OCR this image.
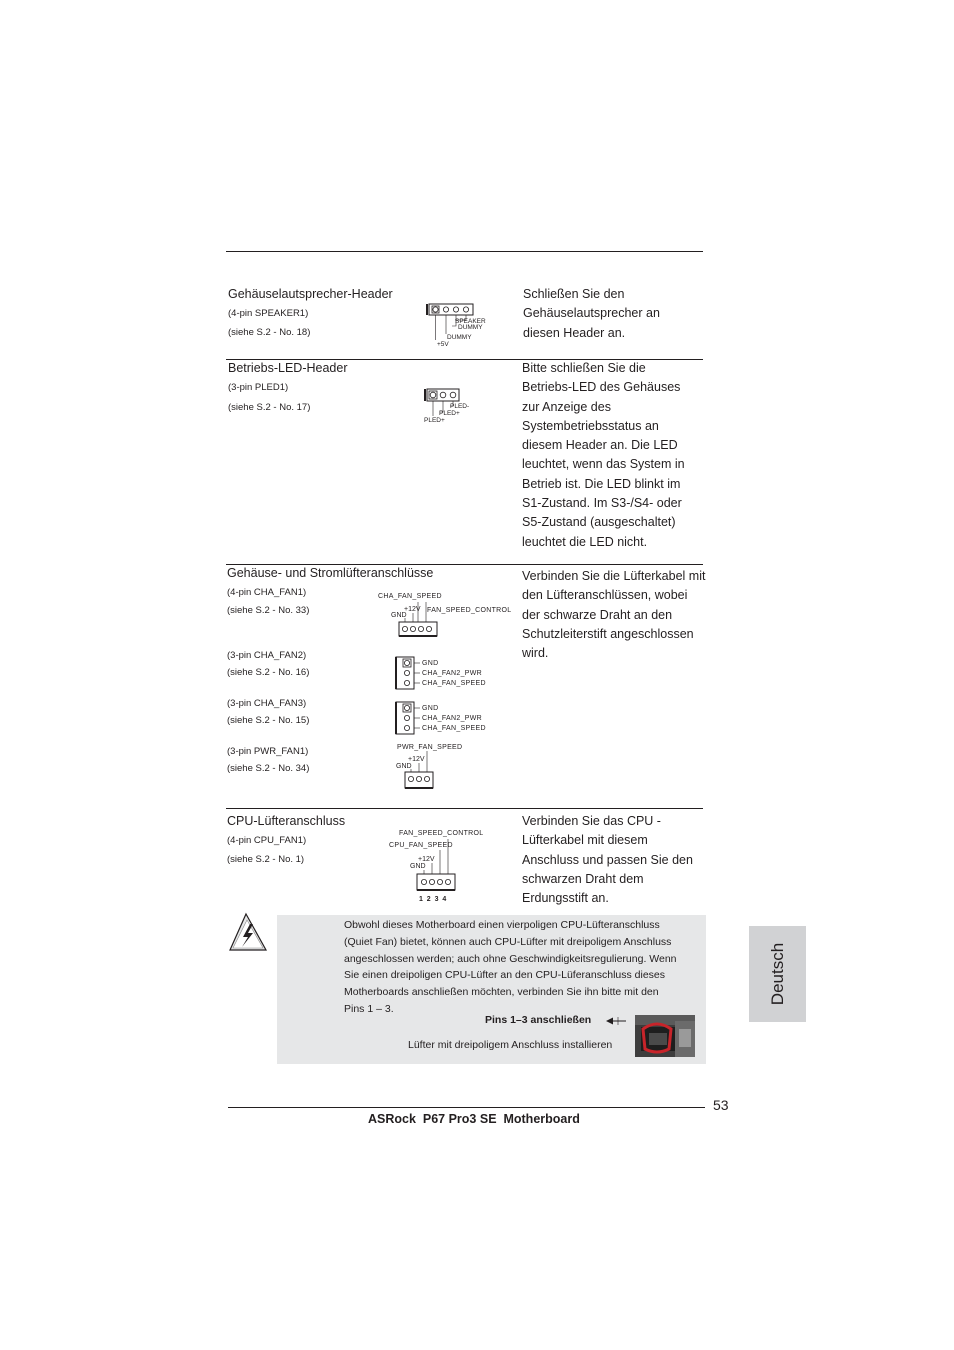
Gehäuselautsprecher-Header
(4-pin SPEAKER1)
(siehe S.2 - No. 18)
SPEAKER
DUMMY
DUMMY
+5V
Schließen Sie den
Gehäuselautsprecher an
diesen Header an.
Betriebs-LED-Header
(3-pin PLED1)
(siehe S.2 - No. 17)	PLED-
PLED+
PLED+
Bitte schließen Sie die
Betriebs-LED des Gehäuses
zur Anzeige des
Systembetriebsstatus an
diesem Header an. Die LED
leuchtet, wenn das System in
Betrieb ist. Die LED blinkt im
S1-Zustand. Im S3-/S4- oder
S5-Zustand (ausgeschaltet)
leuchtet die LED nicht.
Gehäuse- und Stromlüfteranschlüsse
(4-pin CHA_FAN1)
(siehe S.2 - No. 33)
CHA_FAN_SPEED
+12V
GND
FAN_SPEED_CONTROL
(3-pin CHA_FAN2)
(siehe S.2 - No. 16)
GND
CHA_FAN2_PWR
CHA_FAN_SPEED
(3-pin CHA_FAN3)
(siehe S.2 - No. 15)
GND
CHA_FAN2_PWR
CHA_FAN_SPEED
(3-pin PWR_FAN1)
(siehe S.2 - No. 34)
PWR_FAN_SPEED
+12V
GND
Verbinden Sie die Lüfterkabel mit
den Lüfteranschlüssen, wobei
der schwarze Draht an den
Schutzleiterstift angeschlossen
wird.
CPU-Lüfteranschluss
(4-pin CPU_FAN1)
(siehe S.2 - No. 1)
FAN_SPEED_CONTROL
CPU_FAN_SPEED
+12V
GND
1  2  3  4
Verbinden Sie das CPU -
Lüfterkabel mit diesem
Anschluss und passen Sie den
schwarzen Draht dem
Erdungsstift an.
Obwohl dieses Motherboard einen vierpoligen CPU-Lüfteranschluss
(Quiet Fan) bietet, können auch CPU-Lüfter mit dreipoligem Anschluss
angeschlossen werden; auch ohne Geschwindigkeitsregulierung. Wenn
Sie einen dreipoligen CPU-Lüfter an den CPU-Lüferanschluss dieses
Motherboards anschließen möchten, verbinden Sie ihn bitte mit den
Pins 1 – 3.
Pins 1–3 anschließen
Lüfter mit dreipoligem Anschluss installieren
Deutsch
53
ASRock  P67 Pro3 SE  Motherboard
